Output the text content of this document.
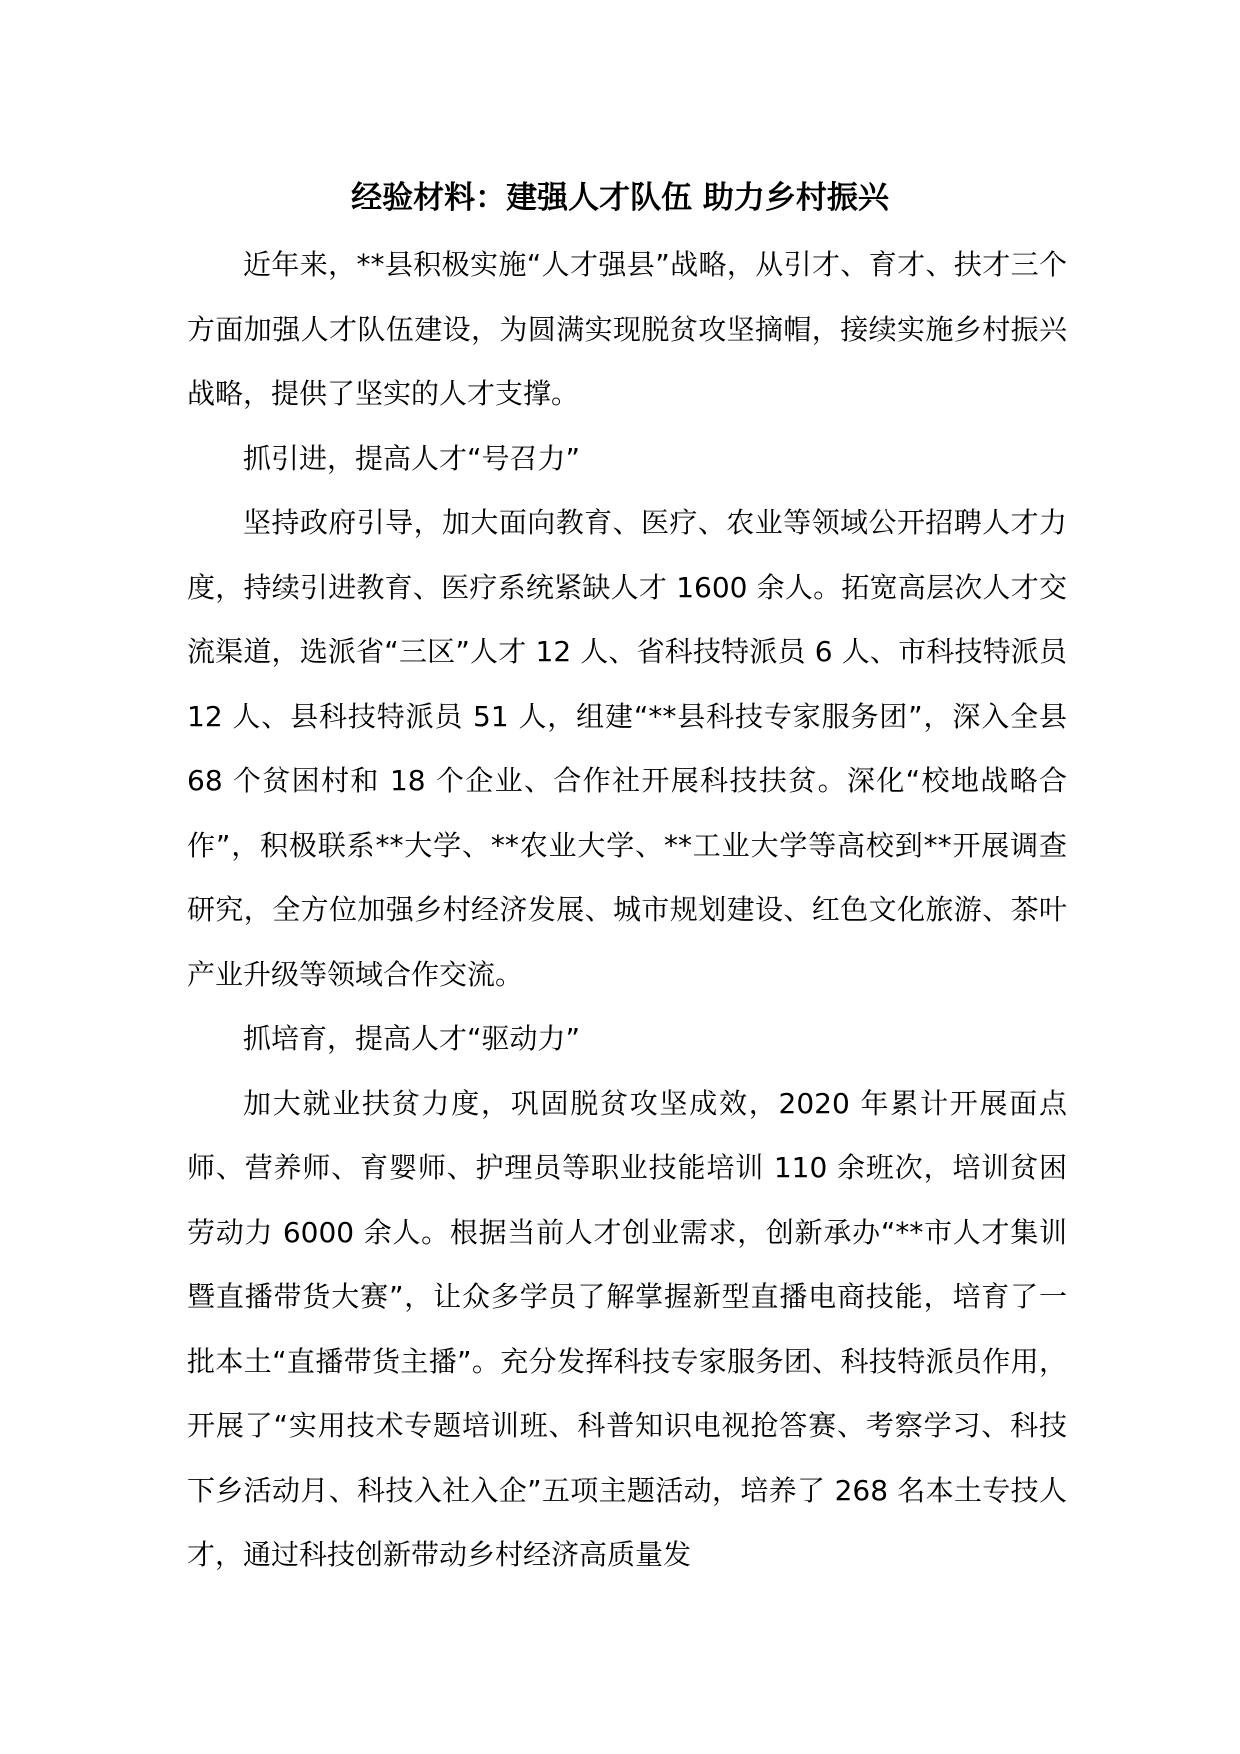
经验材料：建强人才队伍 助力乡村振兴

近年来，**县积极实施“人才强县”战略，从引才、育才、扶才三个方面加强人才队伍建设，为圆满实现脱贫攻坚摘帽，接续实施乡村振兴战略，提供了坚实的人才支撑。

抓引进，提高人才“号召力”

坚持政府引导，加大面向教育、医疗、农业等领域公开招聘人才力度，持续引进教育、医疗系统紧缺人才 1600 余人。拓宽高层次人才交流渠道，选派省“三区”人才 12 人、省科技特派员 6 人、市科技特派员 12 人、县科技特派员 51 人，组建“**县科技专家服务团”，深入全县 68 个贫困村和 18 个企业、合作社开展科技扶贫。深化“校地战略合作”，积极联系**大学、**农业大学、**工业大学等高校到**开展调查研究，全方位加强乡村经济发展、城市规划建设、红色文化旅游、茶叶产业升级等领域合作交流。

抓培育，提高人才“驱动力”

加大就业扶贫力度，巩固脱贫攻坚成效，2020 年累计开展面点师、营养师、育婴师、护理员等职业技能培训 110 余班次，培训贫困劳动力 6000 余人。根据当前人才创业需求，创新承办“**市人才集训暨直播带货大赛”，让众多学员了解掌握新型直播电商技能，培育了一批本土“直播带货主播”。充分发挥科技专家服务团、科技特派员作用，开展了“实用技术专题培训班、科普知识电视抢答赛、考察学习、科技下乡活动月、科技入社入企”五项主题活动，培养了 268 名本土专技人才，通过科技创新带动乡村经济高质量发
